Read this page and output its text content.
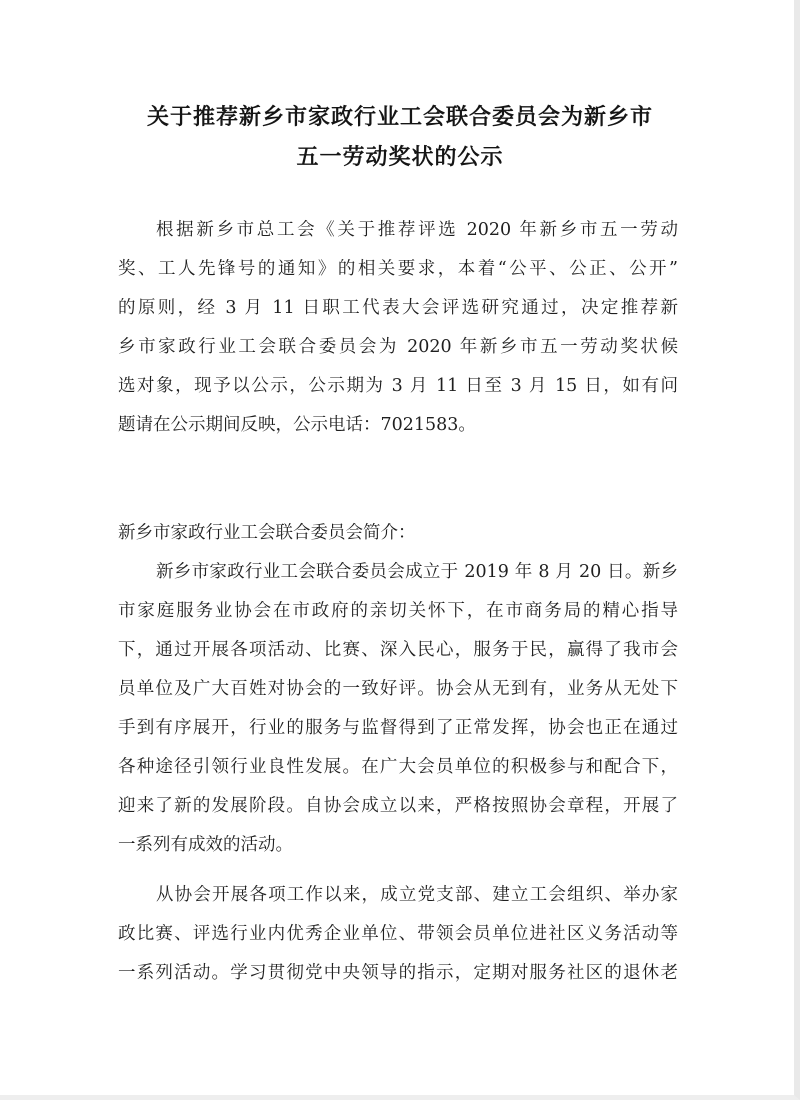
关于推荐新乡市家政行业工会联合委员会为新乡市
五一劳动奖状的公示
根据新乡市总工会《关于推荐评选 2020 年新乡市五一劳动
奖、工人先锋号的通知》的相关要求，本着“公平、公正、公开”
的原则，经 3 月 11 日职工代表大会评选研究通过，决定推荐新
乡市家政行业工会联合委员会为 2020 年新乡市五一劳动奖状候
选对象，现予以公示，公示期为 3 月 11 日至 3 月 15 日，如有问
题请在公示期间反映，公示电话：7021583。
新乡市家政行业工会联合委员会简介：
新乡市家政行业工会联合委员会成立于 2019 年 8 月 20 日。新乡
市家庭服务业协会在市政府的亲切关怀下，在市商务局的精心指导
下，通过开展各项活动、比赛、深入民心，服务于民，赢得了我市会
员单位及广大百姓对协会的一致好评。协会从无到有，业务从无处下
手到有序展开，行业的服务与监督得到了正常发挥，协会也正在通过
各种途径引领行业良性发展。在广大会员单位的积极参与和配合下，
迎来了新的发展阶段。自协会成立以来，严格按照协会章程，开展了
一系列有成效的活动。
从协会开展各项工作以来，成立党支部、建立工会组织、举办家
政比赛、评选行业内优秀企业单位、带领会员单位进社区义务活动等
一系列活动。学习贯彻党中央领导的指示，定期对服务社区的退休老
